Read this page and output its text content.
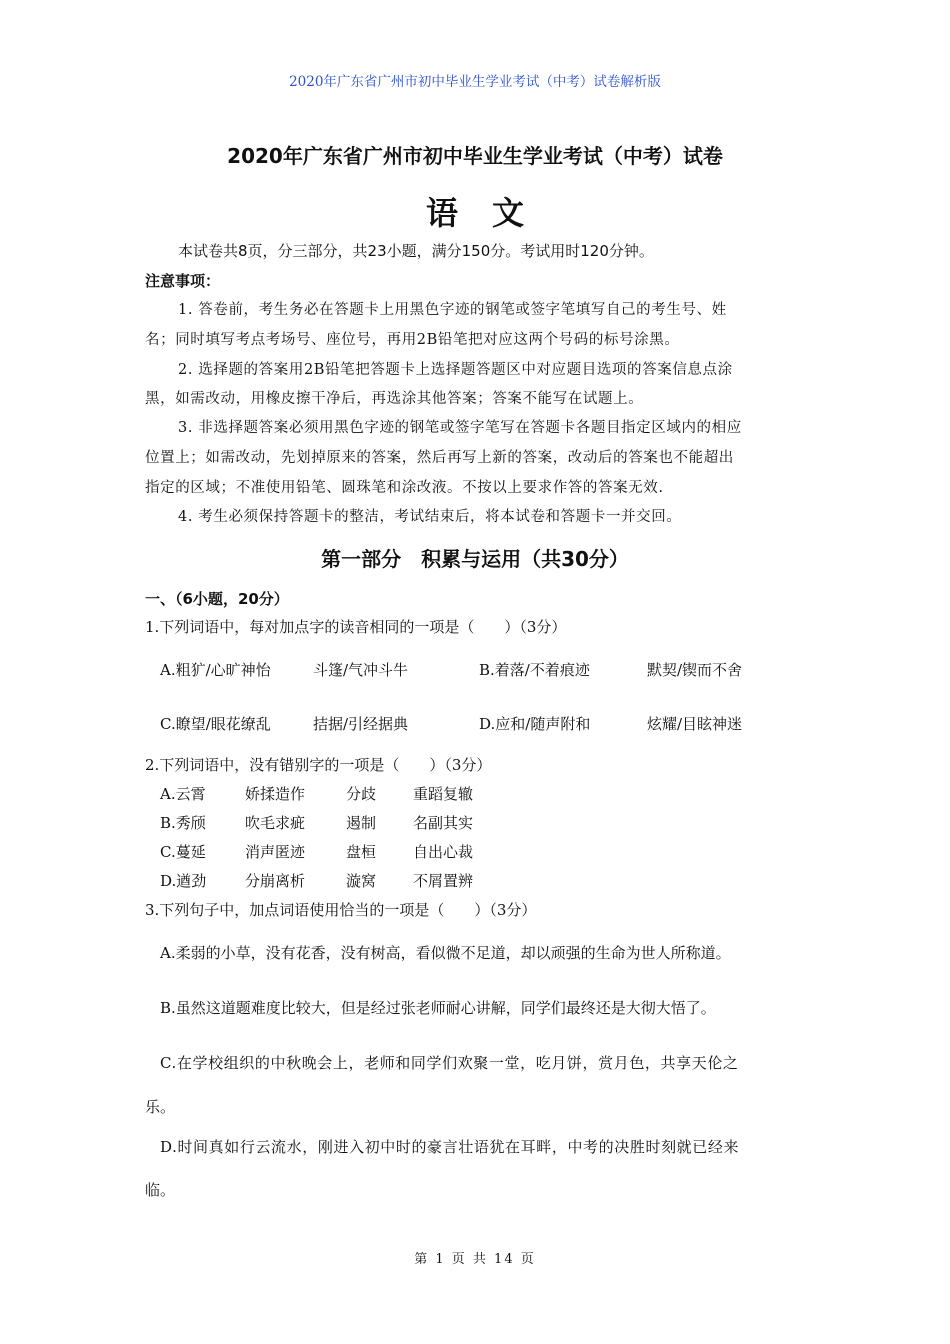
2020年广东省广州市初中毕业生学业考试（中考）试卷解析版
2020年广东省广州市初中毕业生学业考试（中考）试卷
语文
本试卷共8页，分三部分，共23小题，满分150分。考试用时120分钟。
注意事项：
1. 答卷前，考生务必在答题卡上用黑色字迹的钢笔或签字笔填写自己的考生号、姓
名；同时填写考点考场号、座位号，再用2B铅笔把对应这两个号码的标号涂黑。
2. 选择题的答案用2B铅笔把答题卡上选择题答题区中对应题目选项的答案信息点涂
黑，如需改动，用橡皮擦干净后，再选涂其他答案；答案不能写在试题上。
3. 非选择题答案必须用黑色字迹的钢笔或签字笔写在答题卡各题目指定区域内的相应
位置上；如需改动，先划掉原来的答案，然后再写上新的答案，改动后的答案也不能超出
指定的区域；不准使用铅笔、圆珠笔和涂改液。不按以上要求作答的答案无效.
4. 考生必须保持答题卡的整洁，考试结束后，将本试卷和答题卡一并交回。
第一部分　积累与运用（共30分）
一、（6小题，20分）
1.下列词语中，每对加点字的读音相同的一项是（　　）（3分）
A.粗犷/心旷神怡	斗篷/气冲斗牛	B.着落/不着痕迹	默契/锲而不舍
C.瞭望/眼花缭乱	拮据/引经据典	D.应和/随声附和	炫耀/目眩神迷
2.下列词语中，没有错别字的一项是（　　）（3分）
A.云霄	娇揉造作	分歧 重蹈复辙
B.秀颀	吹毛求疵	遏制 名副其实
C.蔓延	消声匿迹	盘桓 自出心裁
D.遒劲	分崩离析	漩窝 不屑置辨
3.下列句子中，加点词语使用恰当的一项是（　　）（3分）
A.柔弱的小草，没有花香，没有树高，看似微不足道，却以顽强的生命为世人所称道。
B.虽然这道题难度比较大，但是经过张老师耐心讲解，同学们最终还是大彻大悟了。
C.在学校组织的中秋晚会上，老师和同学们欢聚一堂，吃月饼，赏月色，共享天伦之
乐。
D.时间真如行云流水，刚进入初中时的豪言壮语犹在耳畔，中考的决胜时刻就已经来
临。
第 1 页 共 14 页
